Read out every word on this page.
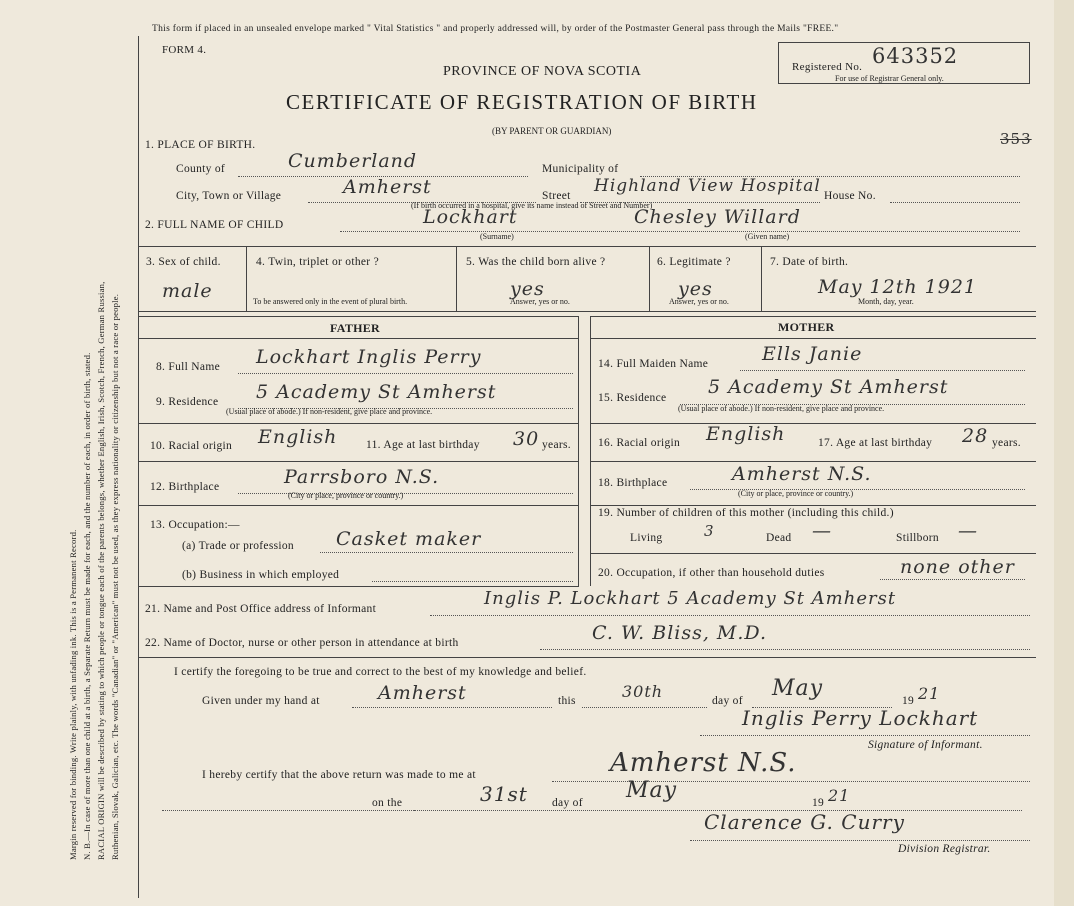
Margin reserved for binding. Write plainly, with unfading ink. This is a Permanent Record. N. B.—In case of more than one child at a birth, a Separate Return must be made for each, and the number of each, in order of birth, stated. RACIAL ORIGIN will be described by stating to which people or tongue each of the parents belongs, whether English, Irish, Scotch, French, German Russian, Ruthenian, Slovak, Galician, etc. The words "Canadian" or "American" must not be used, as they express nationality or citizenship but not a race or people.
This form if placed in an unsealed envelope marked " Vital Statistics " and properly addressed will, by order of the Postmaster General pass through the Mails "FREE."
FORM 4.
PROVINCE OF NOVA SCOTIA
CERTIFICATE OF REGISTRATION OF BIRTH
(BY PARENT OR GUARDIAN)
Registered No. 643352
For use of Registrar General only.
353
1. PLACE OF BIRTH.
County of	Cumberland	Municipality of
City, Town or Village	Amherst	Street Highland View Hospital House No.
(If birth occurred in a hospital, give its name instead of Street and Number)
2. FULL NAME OF CHILD	Lockhart	Chesley Willard
(Surname)	(Given name)
3. Sex of child.
male
4. Twin, triplet or other ?
To be answered only in the event of plural birth.
5. Was the child born alive ?
yes
Answer, yes or no.
6. Legitimate ?
yes
Answer, yes or no.
7. Date of birth.
May 12th 1921
Month, day, year.
FATHER	MOTHER
8. Full Name Lockhart Inglis Perry
9. Residence 5 Academy St Amherst
(Usual place of abode.) If non-resident, give place and province.
10. Racial origin English 11. Age at last birthday 30 years.
12. Birthplace	Parrsboro N.S.
(City or place, province or country.)
13. Occupation:—
(a) Trade or profession Casket maker
(b) Business in which employed
14. Full Maiden Name	Ells Janie
15. Residence 5 Academy St Amherst
(Usual place of abode.) If non-resident, give place and province.
16. Racial origin English	17. Age at last birthday 28 years.
18. Birthplace	Amherst N.S.
(City or place, province or country.)
19. Number of children of this mother (including this child.)
Living	3	Dead —	Stillborn —
20. Occupation, if other than household duties	none other
21. Name and Post Office address of Informant	Inglis P. Lockhart 5 Academy St Amherst
22. Name of Doctor, nurse or other person in attendance at birth	C. W. Bliss, M.D.
I certify the foregoing to be true and correct to the best of my knowledge and belief.
Given under my hand at	Amherst	this	30th	day of May	19 21
Inglis Perry Lockhart
Signature of Informant.
I hereby certify that the above return was made to me at	Amherst N.S.
on the	31st day of May	19 21
Clarence G. Curry
Division Registrar.
